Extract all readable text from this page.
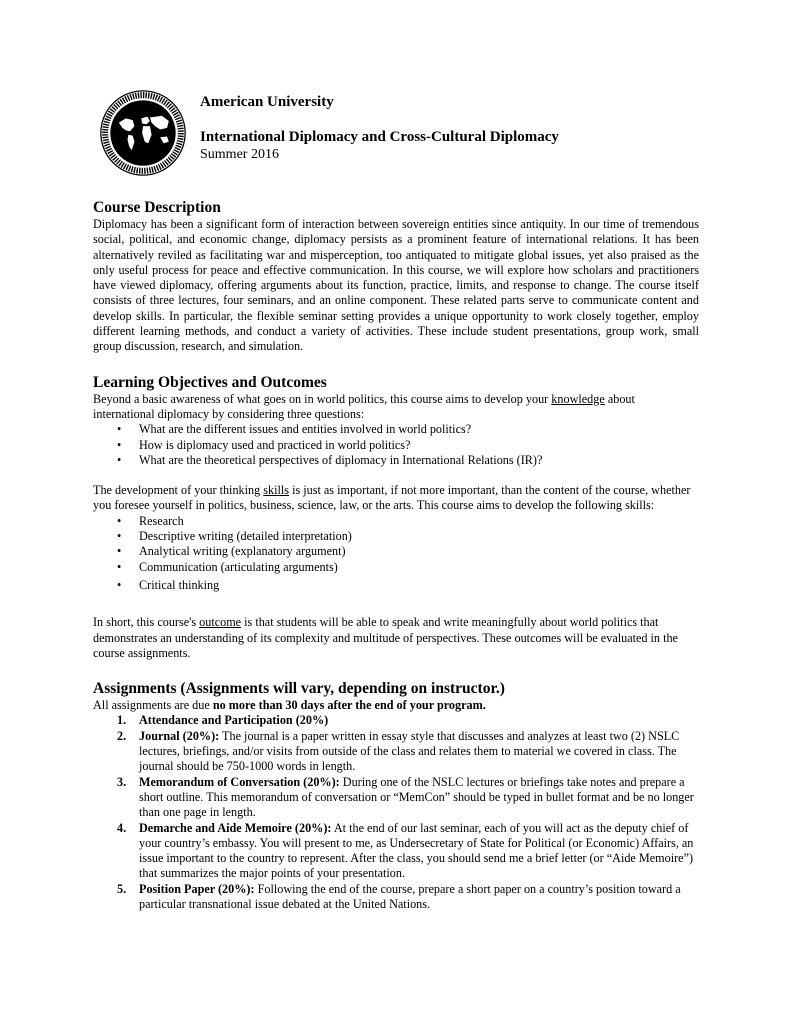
American University
International Diplomacy and Cross-Cultural Diplomacy
Summer 2016
Course Description

Diplomacy has been a significant form of interaction between sovereign entities since antiquity. In our time of tremendous social, political, and economic change, diplomacy persists as a prominent feature of international relations. It has been alternatively reviled as facilitating war and misperception, too antiquated to mitigate global issues, yet also praised as the only useful process for peace and effective communication. In this course, we will explore how scholars and practitioners have viewed diplomacy, offering arguments about its function, practice, limits, and response to change. The course itself consists of three lectures, four seminars, and an online component. These related parts serve to communicate content and develop skills. In particular, the flexible seminar setting provides a unique opportunity to work closely together, employ different learning methods, and conduct a variety of activities. These include student presentations, group work, small group discussion, research, and simulation.

Learning Objectives and Outcomes

Beyond a basic awareness of what goes on in world politics, this course aims to develop your knowledge about international diplomacy by considering three questions:

• What are the different issues and entities involved in world politics?
• How is diplomacy used and practiced in world politics?
• What are the theoretical perspectives of diplomacy in International Relations (IR)?

The development of your thinking skills is just as important, if not more important, than the content of the course, whether you foresee yourself in politics, business, science, law, or the arts. This course aims to develop the following skills:

• Research
• Descriptive writing (detailed interpretation)
• Analytical writing (explanatory argument)
• Communication (articulating arguments)
• Critical thinking

In short, this course's outcome is that students will be able to speak and write meaningfully about world politics that demonstrates an understanding of its complexity and multitude of perspectives. These outcomes will be evaluated in the course assignments.

Assignments (Assignments will vary, depending on instructor.)

All assignments are due no more than 30 days after the end of your program.

1. Attendance and Participation (20%)
2. Journal (20%): The journal is a paper written in essay style that discusses and analyzes at least two (2) NSLC lectures, briefings, and/or visits from outside of the class and relates them to material we covered in class. The journal should be 750-1000 words in length.
3. Memorandum of Conversation (20%): During one of the NSLC lectures or briefings take notes and prepare a short outline. This memorandum of conversation or “MemCon” should be typed in bullet format and be no longer than one page in length.
4. Demarche and Aide Memoire (20%): At the end of our last seminar, each of you will act as the deputy chief of your country’s embassy. You will present to me, as Undersecretary of State for Political (or Economic) Affairs, an issue important to the country to represent. After the class, you should send me a brief letter (or “Aide Memoire”) that summarizes the major points of your presentation.
5. Position Paper (20%): Following the end of the course, prepare a short paper on a country’s position toward a particular transnational issue debated at the United Nations.
